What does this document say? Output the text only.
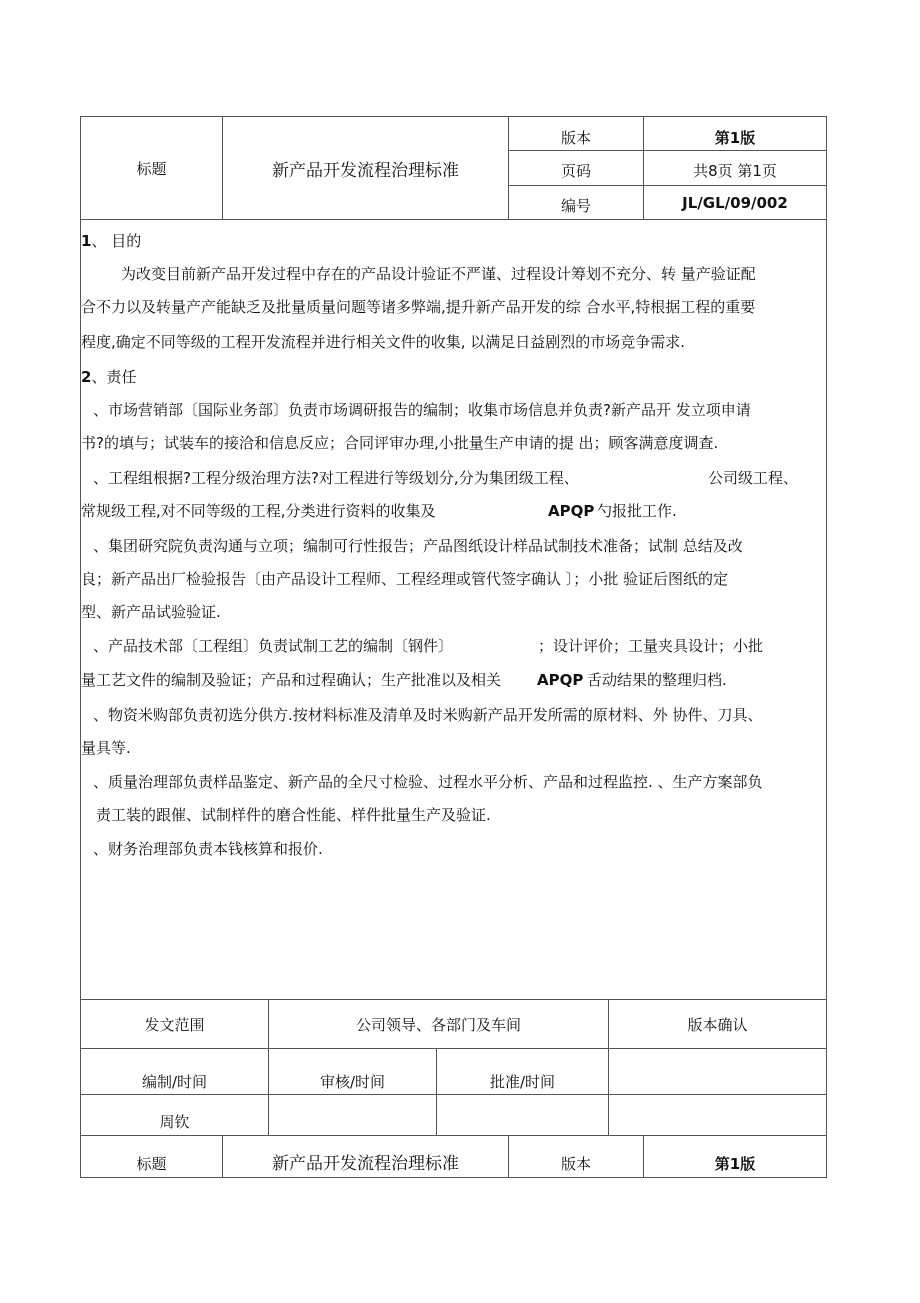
标题	新产品开发流程治理标准
版本	第1版
页码	共8页 第1页
编号	JL/GL/09/002
1、 目的
为改变目前新产品开发过程中存在的产品设计验证不严谨、过程设计筹划不充分、转 量产验证配
合不力以及转量产产能缺乏及批量质量问题等诸多弊端,提升新产品开发的综 合水平,特根据工程的重要
程度,确定不同等级的工程开发流程并进行相关文件的收集, 以满足日益剧烈的市场竞争需求.
2、责任
、市场营销部〔国际业务部〕负责市场调研报告的编制；收集市场信息并负责?新产品开 发立项申请
书?的填与；试装车的接洽和信息反应；合同评审办理,小批量生产申请的提 出；顾客满意度调查.
、工程组根据?工程分级治理方法?对工程进行等级划分,分为集团级工程、	公司级工程、
常规级工程,对不同等级的工程,分类进行资料的收集及	APQP 勺报批工作.
、集团研究院负责沟通与立项；编制可行性报告；产品图纸设计样品试制技术准备；试制 总结及改
良；新产品出厂检验报告〔由产品设计工程师、工程经理或管代签字确认 〕；小批 验证后图纸的定
型、新产品试验验证.
、产品技术部〔工程组〕负责试制工艺的编制〔钢件〕	；设计评价；工量夹具设计；小批
量工艺文件的编制及验证；产品和过程确认；生产批准以及相关 APQP 舌动结果的整理归档.
、物资米购部负责初选分供方.按材料标准及清单及时米购新产品开发所需的原材料、外 协件、刀具、
量具等.
、质量治理部负责样品鉴定、新产品的全尺寸检验、过程水平分析、产品和过程监控. 、生产方案部负
责工装的跟催、试制样件的磨合性能、样件批量生产及验证.
、财务治理部负责本钱核算和报价.
发文范围	公司领导、各部门及车间	版本确认
编制/时间	审核/时间	批准/时间
周钦
标题	新产品开发流程治理标准	版本	第1版
